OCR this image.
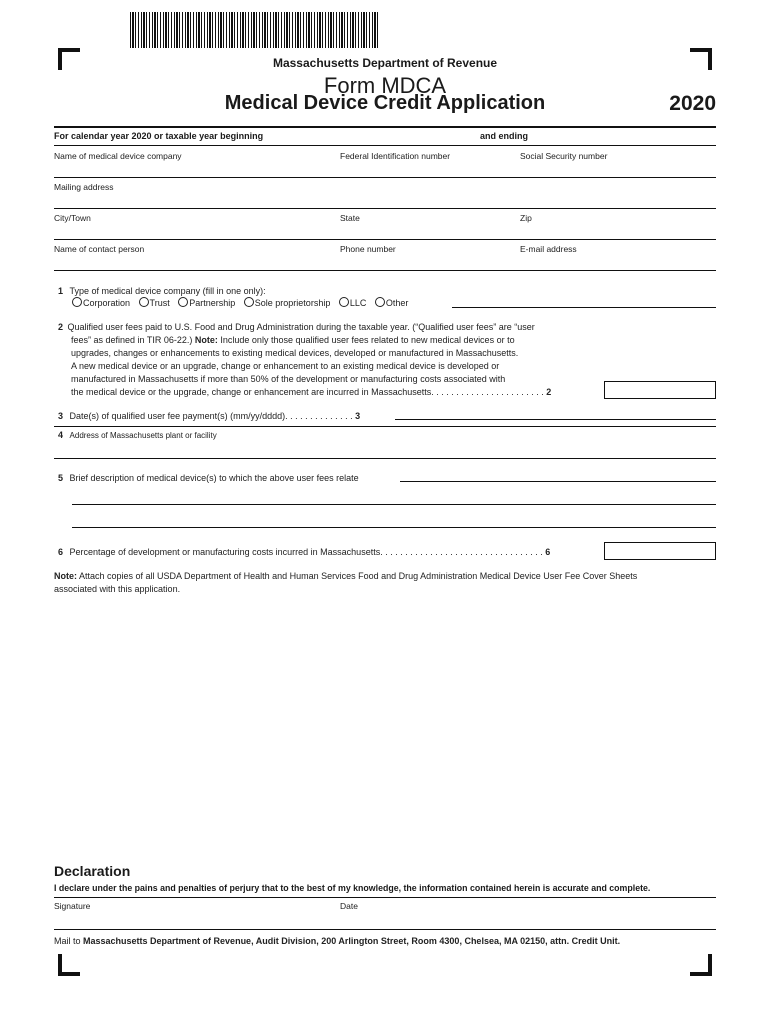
Massachusetts Department of Revenue
Form MDCA
Medical Device Credit Application	2020
For calendar year 2020 or taxable year beginning	and ending
Name of medical device company	Federal Identification number	Social Security number
Mailing address
City/Town	State	Zip
Name of contact person	Phone number	E-mail address
1 Type of medical device company (fill in one only):
Corporation Trust Partnership Sole proprietorship LLC Other
2 Qualified user fees paid to U.S. Food and Drug Administration during the taxable year. (“Qualified user fees” are “user
fees” as defined in TIR 06-22.) Note: Include only those qualified user fees related to new medical devices or to
upgrades, changes or enhancements to existing medical devices, developed or manufactured in Massachusetts.
A new medical device or an upgrade, change or enhancement to an existing medical device is developed or
manufactured in Massachusetts if more than 50% of the development or manufacturing costs associated with
the medical device or the upgrade, change or enhancement are incurred in Massachusetts. . . . . . . . . . . . . . . . . . . . . . . 2
3 Date(s) of qualified user fee payment(s) (mm/yy/dddd). . . . . . . . . . . . . . 3
4 Address of Massachusetts plant or facility
5 Brief description of medical device(s) to which the above user fees relate
6 Percentage of development or manufacturing costs incurred in Massachusetts. . . . . . . . . . . . . . . . . . . . . . . . . . . . . . . . . 6
Note: Attach copies of all USDA Department of Health and Human Services Food and Drug Administration Medical Device User Fee Cover Sheets
associated with this application.
Declaration
I declare under the pains and penalties of perjury that to the best of my knowledge, the information contained herein is accurate and complete.
Signature	Date
Mail to Massachusetts Department of Revenue, Audit Division, 200 Arlington Street, Room 4300, Chelsea, MA 02150, attn. Credit Unit.
